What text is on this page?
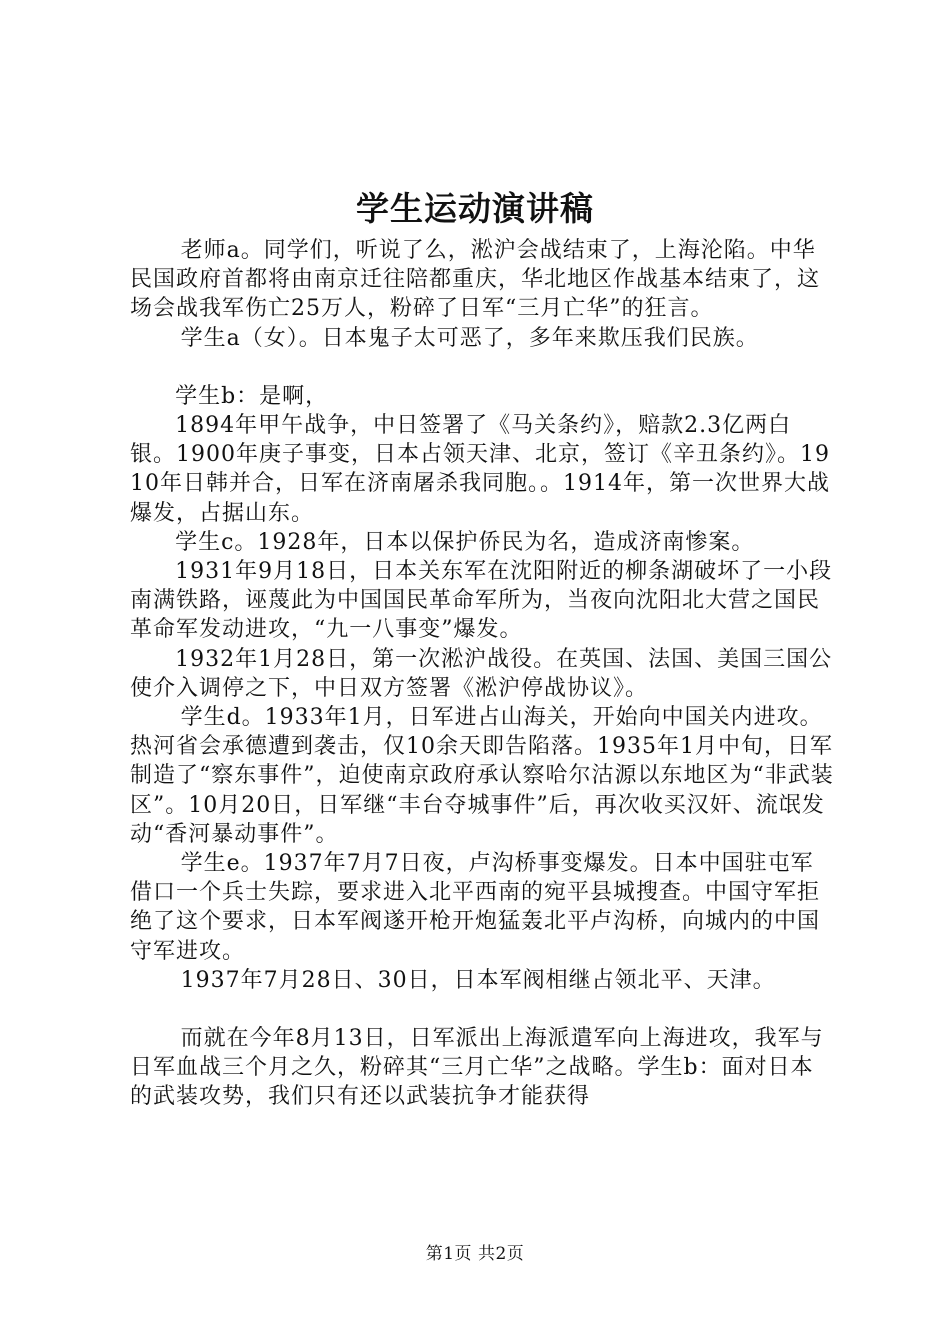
学生运动演讲稿

老师a。同学们，听说了么，淞沪会战结束了，上海沦陷。中华民国政府首都将由南京迁往陪都重庆，华北地区作战基本结束了，这场会战我军伤亡25万人，粉碎了日军“三月亡华”的狂言。

学生a（女）。日本鬼子太可恶了，多年来欺压我们民族。

学生b：是啊，

1894年甲午战争，中日签署了《马关条约》，赔款2.3亿两白银。1900年庚子事变，日本占领天津、北京，签订《辛丑条约》。1910年日韩并合，日军在济南屠杀我同胞。。1914年，第一次世界大战爆发，占据山东。

学生c。1928年，日本以保护侨民为名，造成济南惨案。

1931年9月18日，日本关东军在沈阳附近的柳条湖破坏了一小段南满铁路，诬蔑此为中国国民革命军所为，当夜向沈阳北大营之国民革命军发动进攻，“九一八事变”爆发。

1932年1月28日，第一次淞沪战役。在英国、法国、美国三国公使介入调停之下，中日双方签署《淞沪停战协议》。

学生d。1933年1月，日军进占山海关，开始向中国关内进攻。热河省会承德遭到袭击，仅10余天即告陷落。1935年1月中旬，日军制造了“察东事件”，迫使南京政府承认察哈尔沽源以东地区为“非武装区”。10月20日，日军继“丰台夺城事件”后，再次收买汉奸、流氓发动“香河暴动事件”。

学生e。1937年7月7日夜，卢沟桥事变爆发。日本中国驻屯军借口一个兵士失踪，要求进入北平西南的宛平县城搜查。中国守军拒绝了这个要求，日本军阀遂开枪开炮猛轰北平卢沟桥，向城内的中国守军进攻。

1937年7月28日、30日，日本军阀相继占领北平、天津。

而就在今年8月13日，日军派出上海派遣军向上海进攻，我军与日军血战三个月之久，粉碎其“三月亡华”之战略。学生b：面对日本的武装攻势，我们只有还以武装抗争才能获得

第1页 共2页
